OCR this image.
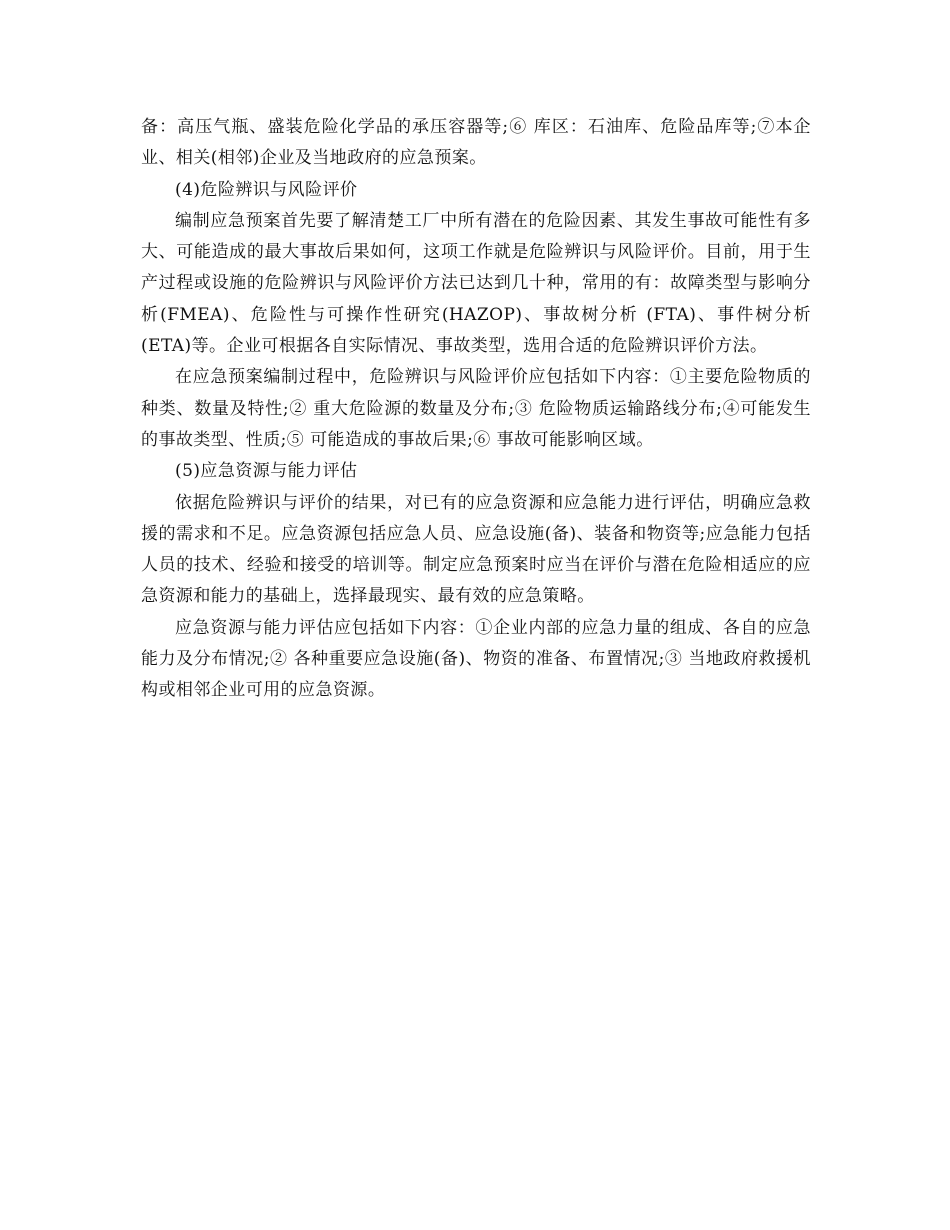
备：高压气瓶、盛装危险化学品的承压容器等;⑥ 库区：石油库、危险品库等;⑦本企业、相关(相邻)企业及当地政府的应急预案。

(4)危险辨识与风险评价

编制应急预案首先要了解清楚工厂中所有潜在的危险因素、其发生事故可能性有多大、可能造成的最大事故后果如何，这项工作就是危险辨识与风险评价。目前，用于生产过程或设施的危险辨识与风险评价方法已达到几十种，常用的有：故障类型与影响分析(FMEA)、危险性与可操作性研究(HAZOP)、事故树分析 (FTA)、事件树分析(ETA)等。企业可根据各自实际情况、事故类型，选用合适的危险辨识评价方法。

在应急预案编制过程中，危险辨识与风险评价应包括如下内容：①主要危险物质的种类、数量及特性;② 重大危险源的数量及分布;③ 危险物质运输路线分布;④可能发生的事故类型、性质;⑤ 可能造成的事故后果;⑥ 事故可能影响区域。

(5)应急资源与能力评估

依据危险辨识与评价的结果，对已有的应急资源和应急能力进行评估，明确应急救援的需求和不足。应急资源包括应急人员、应急设施(备)、装备和物资等;应急能力包括人员的技术、经验和接受的培训等。制定应急预案时应当在评价与潜在危险相适应的应急资源和能力的基础上，选择最现实、最有效的应急策略。

应急资源与能力评估应包括如下内容：①企业内部的应急力量的组成、各自的应急能力及分布情况;② 各种重要应急设施(备)、物资的准备、布置情况;③ 当地政府救援机构或相邻企业可用的应急资源。
